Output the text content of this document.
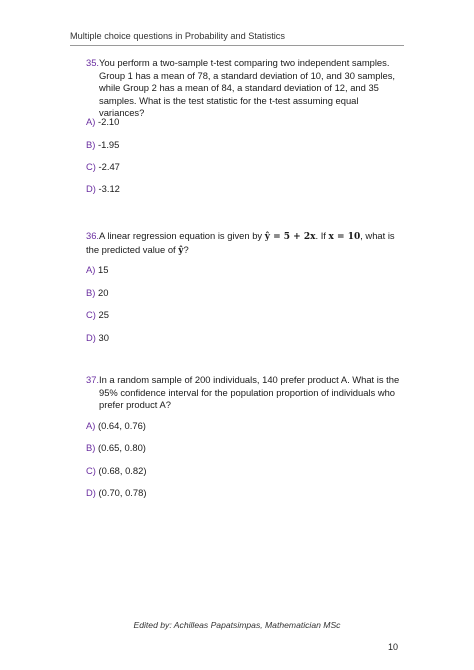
Multiple choice questions in Probability and Statistics
35. You perform a two-sample t-test comparing two independent samples. Group 1 has a mean of 78, a standard deviation of 10, and 30 samples, while Group 2 has a mean of 84, a standard deviation of 12, and 35 samples. What is the test statistic for the t-test assuming equal variances?
A) -2.10
B) -1.95
C) -2.47
D) -3.12
36. A linear regression equation is given by ŷ = 5 + 2x. If x = 10, what is the predicted value of ŷ?
A) 15
B) 20
C) 25
D) 30
37. In a random sample of 200 individuals, 140 prefer product A. What is the 95% confidence interval for the population proportion of individuals who prefer product A?
A) (0.64, 0.76)
B) (0.65, 0.80)
C) (0.68, 0.82)
D) (0.70, 0.78)
Edited by: Achilleas Papatsimpas, Mathematician MSc
10
